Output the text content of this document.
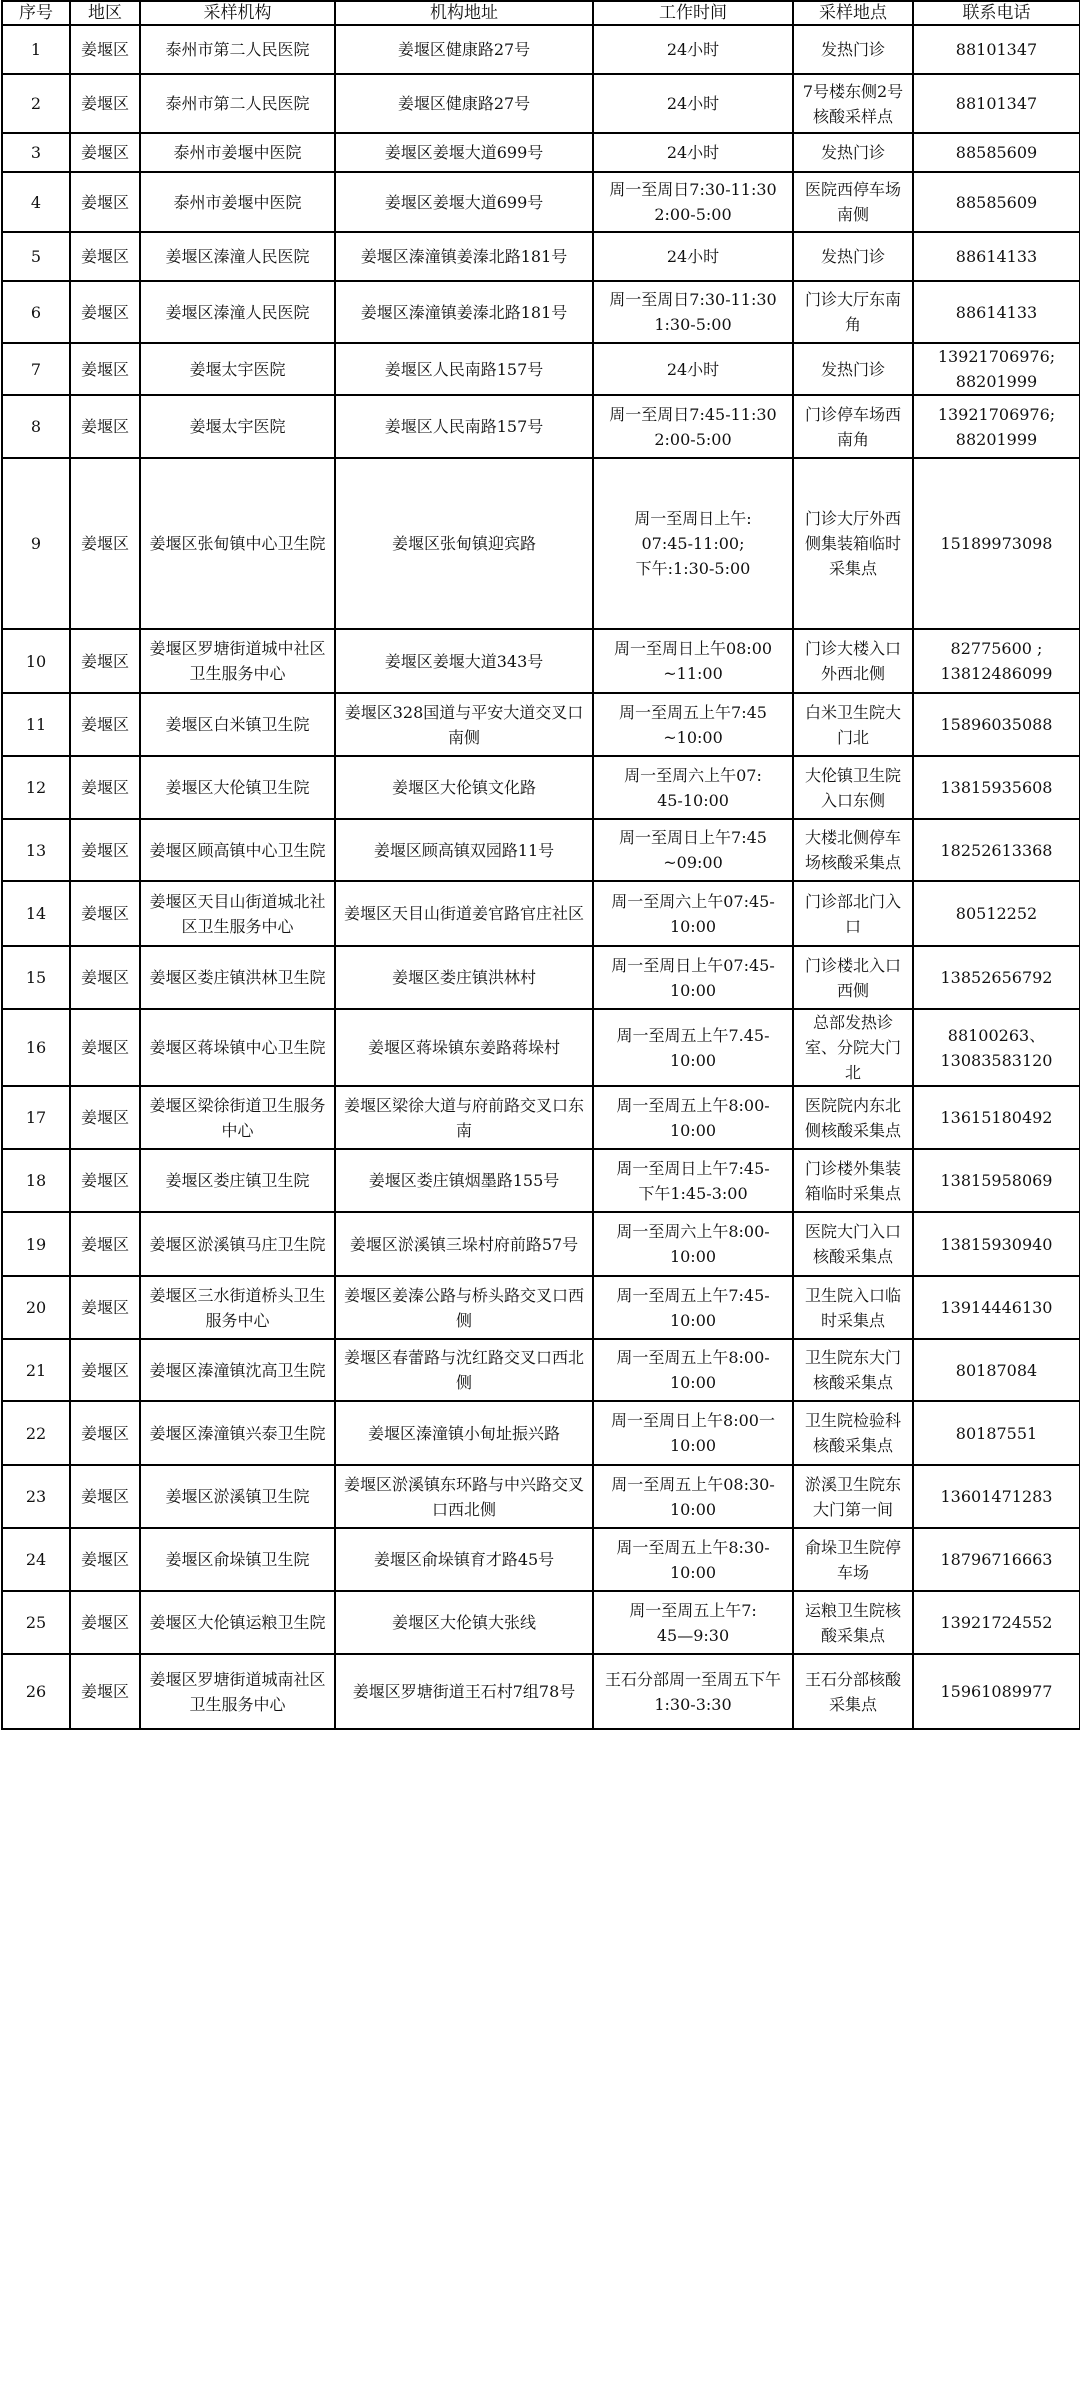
序号	地区	采样机构	机构地址	工作时间	采样地点	联系电话
1	姜堰区	泰州市第二人民医院	姜堰区健康路27号	24小时	发热门诊	88101347
2	姜堰区	泰州市第二人民医院	姜堰区健康路27号	24小时	7号楼东侧2号核酸采样点	88101347
3	姜堰区	泰州市姜堰中医院	姜堰区姜堰大道699号	24小时	发热门诊	88585609
4	姜堰区	泰州市姜堰中医院	姜堰区姜堰大道699号	周一至周日7:30-11:30
2:00-5:00	医院西停车场南侧	88585609
5	姜堰区	姜堰区溱潼人民医院	姜堰区溱潼镇姜溱北路181号	24小时	发热门诊	88614133
6	姜堰区	姜堰区溱潼人民医院	姜堰区溱潼镇姜溱北路181号	周一至周日7:30-11:30
1:30-5:00	门诊大厅东南角	88614133
7	姜堰区	姜堰太宇医院	姜堰区人民南路157号	24小时	发热门诊	13921706976;
88201999
8	姜堰区	姜堰太宇医院	姜堰区人民南路157号	周一至周日7:45-11:30
2:00-5:00	门诊停车场西南角	13921706976;
88201999
9	姜堰区	姜堰区张甸镇中心卫生院	姜堰区张甸镇迎宾路	周一至周日上午:
07:45-11:00;
下午:1:30-5:00	门诊大厅外西侧集装箱临时采集点	15189973098
10	姜堰区	姜堰区罗塘街道城中社区卫生服务中心	姜堰区姜堰大道343号	周一至周日上午08:00
~11:00	门诊大楼入口外西北侧	82775600 ;
13812486099
11	姜堰区	姜堰区白米镇卫生院	姜堰区328国道与平安大道交叉口南侧	周一至周五上午7:45
~10:00	白米卫生院大门北	15896035088
12	姜堰区	姜堰区大伦镇卫生院	姜堰区大伦镇文化路	周一至周六上午07:
45-10:00	大伦镇卫生院入口东侧	13815935608
13	姜堰区	姜堰区顾高镇中心卫生院	姜堰区顾高镇双园路11号	周一至周日上午7:45
~09:00	大楼北侧停车场核酸采集点	18252613368
14	姜堰区	姜堰区天目山街道城北社区卫生服务中心	姜堰区天目山街道姜官路官庄社区	周一至周六上午07:45-
10:00	门诊部北门入口	80512252
15	姜堰区	姜堰区娄庄镇洪林卫生院	姜堰区娄庄镇洪林村	周一至周日上午07:45-
10:00	门诊楼北入口西侧	13852656792
16	姜堰区	姜堰区蒋垛镇中心卫生院	姜堰区蒋垛镇东姜路蒋垛村	周一至周五上午7.45-
10:00	总部发热诊室、分院大门北	88100263、
13083583120
17	姜堰区	姜堰区梁徐街道卫生服务中心	姜堰区梁徐大道与府前路交叉口东南	周一至周五上午8:00-
10:00	医院院内东北侧核酸采集点	13615180492
18	姜堰区	姜堰区娄庄镇卫生院	姜堰区娄庄镇烟墨路155号	周一至周日上午7:45-
下午1:45-3:00	门诊楼外集装箱临时采集点	13815958069
19	姜堰区	姜堰区淤溪镇马庄卫生院	姜堰区淤溪镇三垛村府前路57号	周一至周六上午8:00-
10:00	医院大门入口核酸采集点	13815930940
20	姜堰区	姜堰区三水街道桥头卫生服务中心	姜堰区姜溱公路与桥头路交叉口西侧	周一至周五上午7:45-
10:00	卫生院入口临时采集点	13914446130
21	姜堰区	姜堰区溱潼镇沈高卫生院	姜堰区春蕾路与沈红路交叉口西北侧	周一至周五上午8:00-
10:00	卫生院东大门核酸采集点	80187084
22	姜堰区	姜堰区溱潼镇兴泰卫生院	姜堰区溱潼镇小甸址振兴路	周一至周日上午8:00一
10:00	卫生院检验科核酸采集点	80187551
23	姜堰区	姜堰区淤溪镇卫生院	姜堰区淤溪镇东环路与中兴路交叉口西北侧	周一至周五上午08:30-
10:00	淤溪卫生院东大门第一间	13601471283
24	姜堰区	姜堰区俞垛镇卫生院	姜堰区俞垛镇育才路45号	周一至周五上午8:30-
10:00	俞垛卫生院停车场	18796716663
25	姜堰区	姜堰区大伦镇运粮卫生院	姜堰区大伦镇大张线	周一至周五上午7:
45—9:30	运粮卫生院核酸采集点	13921724552
26	姜堰区	姜堰区罗塘街道城南社区卫生服务中心	姜堰区罗塘街道王石村7组78号	王石分部周一至周五下午1:30-3:30	王石分部核酸采集点	15961089977
